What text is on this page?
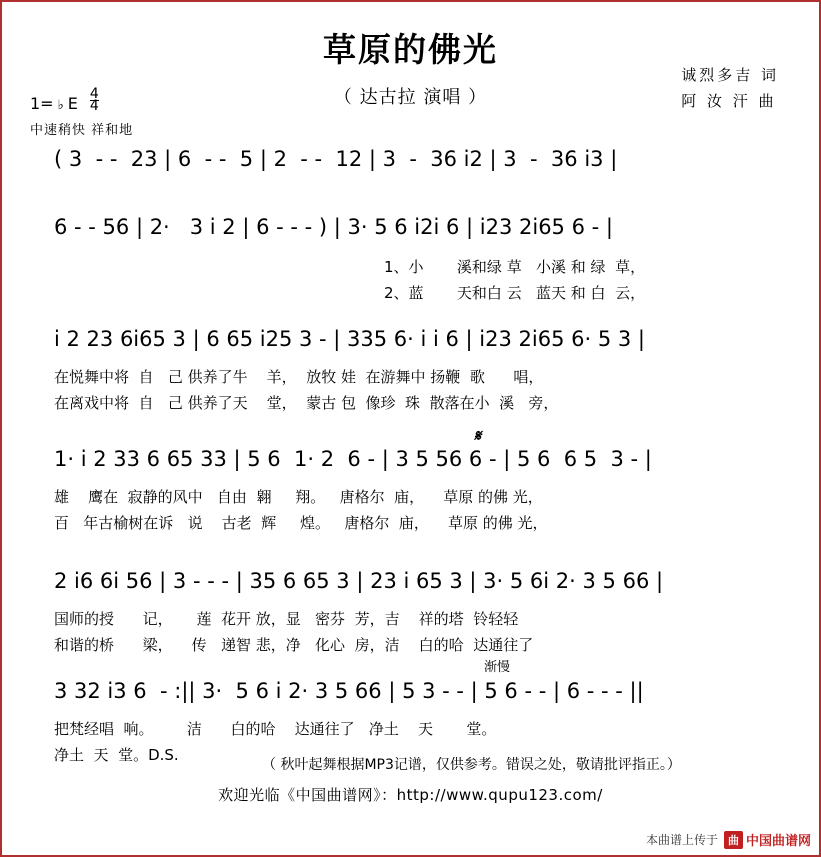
草原的佛光
（ 达古拉 演唱 ）
诚烈多吉 词
阿 汝 汗 曲
1= ♭ E $\frac{4}{4}$
中速稍快 祥和地
( 3  - -  23 | 6  - -  5 | 2  - -  12 | 3  -  36 i2 | 3  -  36 i3 |
6 - - 56 | 2·   3 i 2 | 6 - - - ) | 3· 5 6 i2i 6 | i23 2i65 6 - |
1、小       溪和绿 草   小溪 和 绿  草，
2、蓝       天和白 云   蓝天 和 白  云，
i 2 23 6i65 3 | 6 65 i25 3 - | 335 6· i i 6 | i23 2i65 6· 5 3 |
在悦舞中将  自   己 供养了牛    羊，  放牧 娃  在游舞中 扬鞭  歌      唱，
在离戏中将  自   己 供养了天    堂，  蒙古 包  像珍  珠  散落在小  溪   旁，
1· i 2 33 6 65 33 | 5 6  1· 2  6 - | 3 5 56 6 - | 5 6  6 5  3 - |
𝄋
雄    鹰在  寂静的风中   自由  翱     翔。   唐格尔  庙，    草原 的佛 光，
百   年古榆树在诉   说    古老  辉     煌。   唐格尔  庙，    草原 的佛 光，
2 i6 6i 56 | 3 - - - | 35 6 65 3 | 23 i 65 3 | 3· 5 6i 2· 3 5 66 |
国师的授      记，     莲  花开 放，显   密芬  芳，吉    祥的塔  铃轻轻
和谐的桥      梁，    传   递智 悲，净   化心  房，洁    白的哈  达通往了
渐慢
3 32 i3 6  - :|| 3·  5 6 i 2· 3 5 66 | 5 3 - - | 5 6 - - | 6 - - - ||
把梵经唱  响。       洁      白的哈    达通往了   净土    天       堂。
净土  天  堂。D.S.
（ 秋叶起舞根据MP3记谱，仅供参考。错误之处，敬请批评指正。）
欢迎光临《中国曲谱网》：http://www.qupu123.com/
本曲谱上传于 曲 中国曲谱网
